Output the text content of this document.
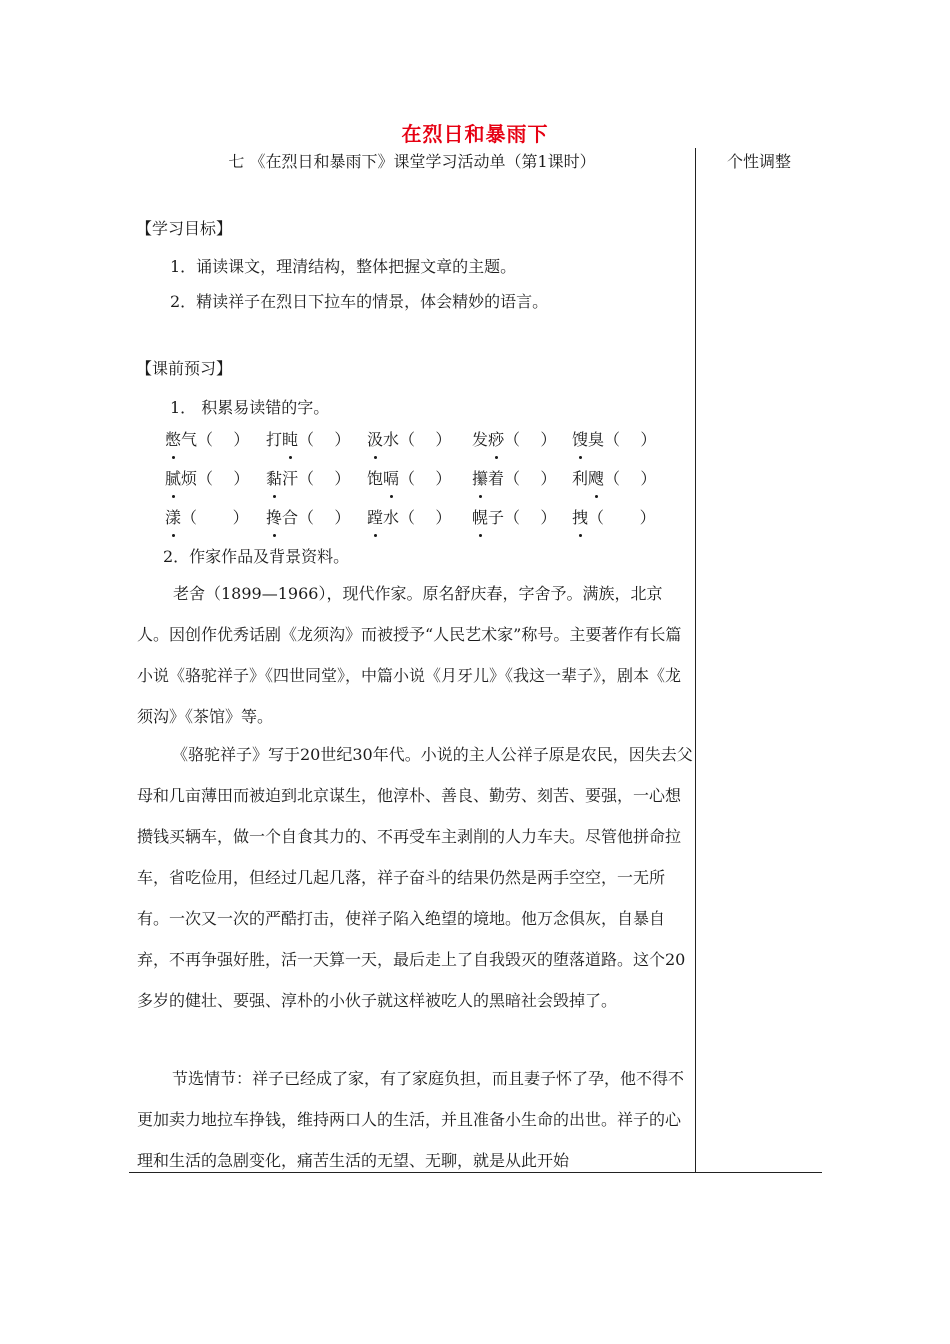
在烈日和暴雨下
七 《在烈日和暴雨下》课堂学习活动单（第1课时）	个性调整
【学习目标】
1．诵读课文，理清结构，整体把握文章的主题。
2．精读祥子在烈日下拉车的情景，体会精妙的语言。
【课前预习】
1． 积累易读错的字。
憋气（    ） 打盹（    ） 汲水（    ） 发痧（    ） 馊臭（    ）
腻烦（    ） 黏汗（    ） 饱嗝（    ） 攥着（    ） 利飕（    ）
漾（       ） 搀合（    ） 蹚水（    ） 幌子（    ） 拽（       ）
2．作家作品及背景资料。
老舍（1899—1966），现代作家。原名舒庆春，字舍予。满族，北京人。因创作优秀话剧《龙须沟》而被授予“人民艺术家”称号。主要著作有长篇小说《骆驼祥子》《四世同堂》，中篇小说《月牙儿》《我这一辈子》，剧本《龙须沟》《茶馆》等。
《骆驼祥子》写于20世纪30年代。小说的主人公祥子原是农民，因失去父母和几亩薄田而被迫到北京谋生，他淳朴、善良、勤劳、刻苦、要强，一心想攒钱买辆车，做一个自食其力的、不再受车主剥削的人力车夫。尽管他拼命拉车，省吃俭用，但经过几起几落，祥子奋斗的结果仍然是两手空空，一无所有。一次又一次的严酷打击，使祥子陷入绝望的境地。他万念俱灰，自暴自弃，不再争强好胜，活一天算一天，最后走上了自我毁灭的堕落道路。这个20多岁的健壮、要强、淳朴的小伙子就这样被吃人的黑暗社会毁掉了。
节选情节：祥子已经成了家，有了家庭负担，而且妻子怀了孕，他不得不更加卖力地拉车挣钱，维持两口人的生活，并且准备小生命的出世。祥子的心理和生活的急剧变化，痛苦生活的无望、无聊，就是从此开始
